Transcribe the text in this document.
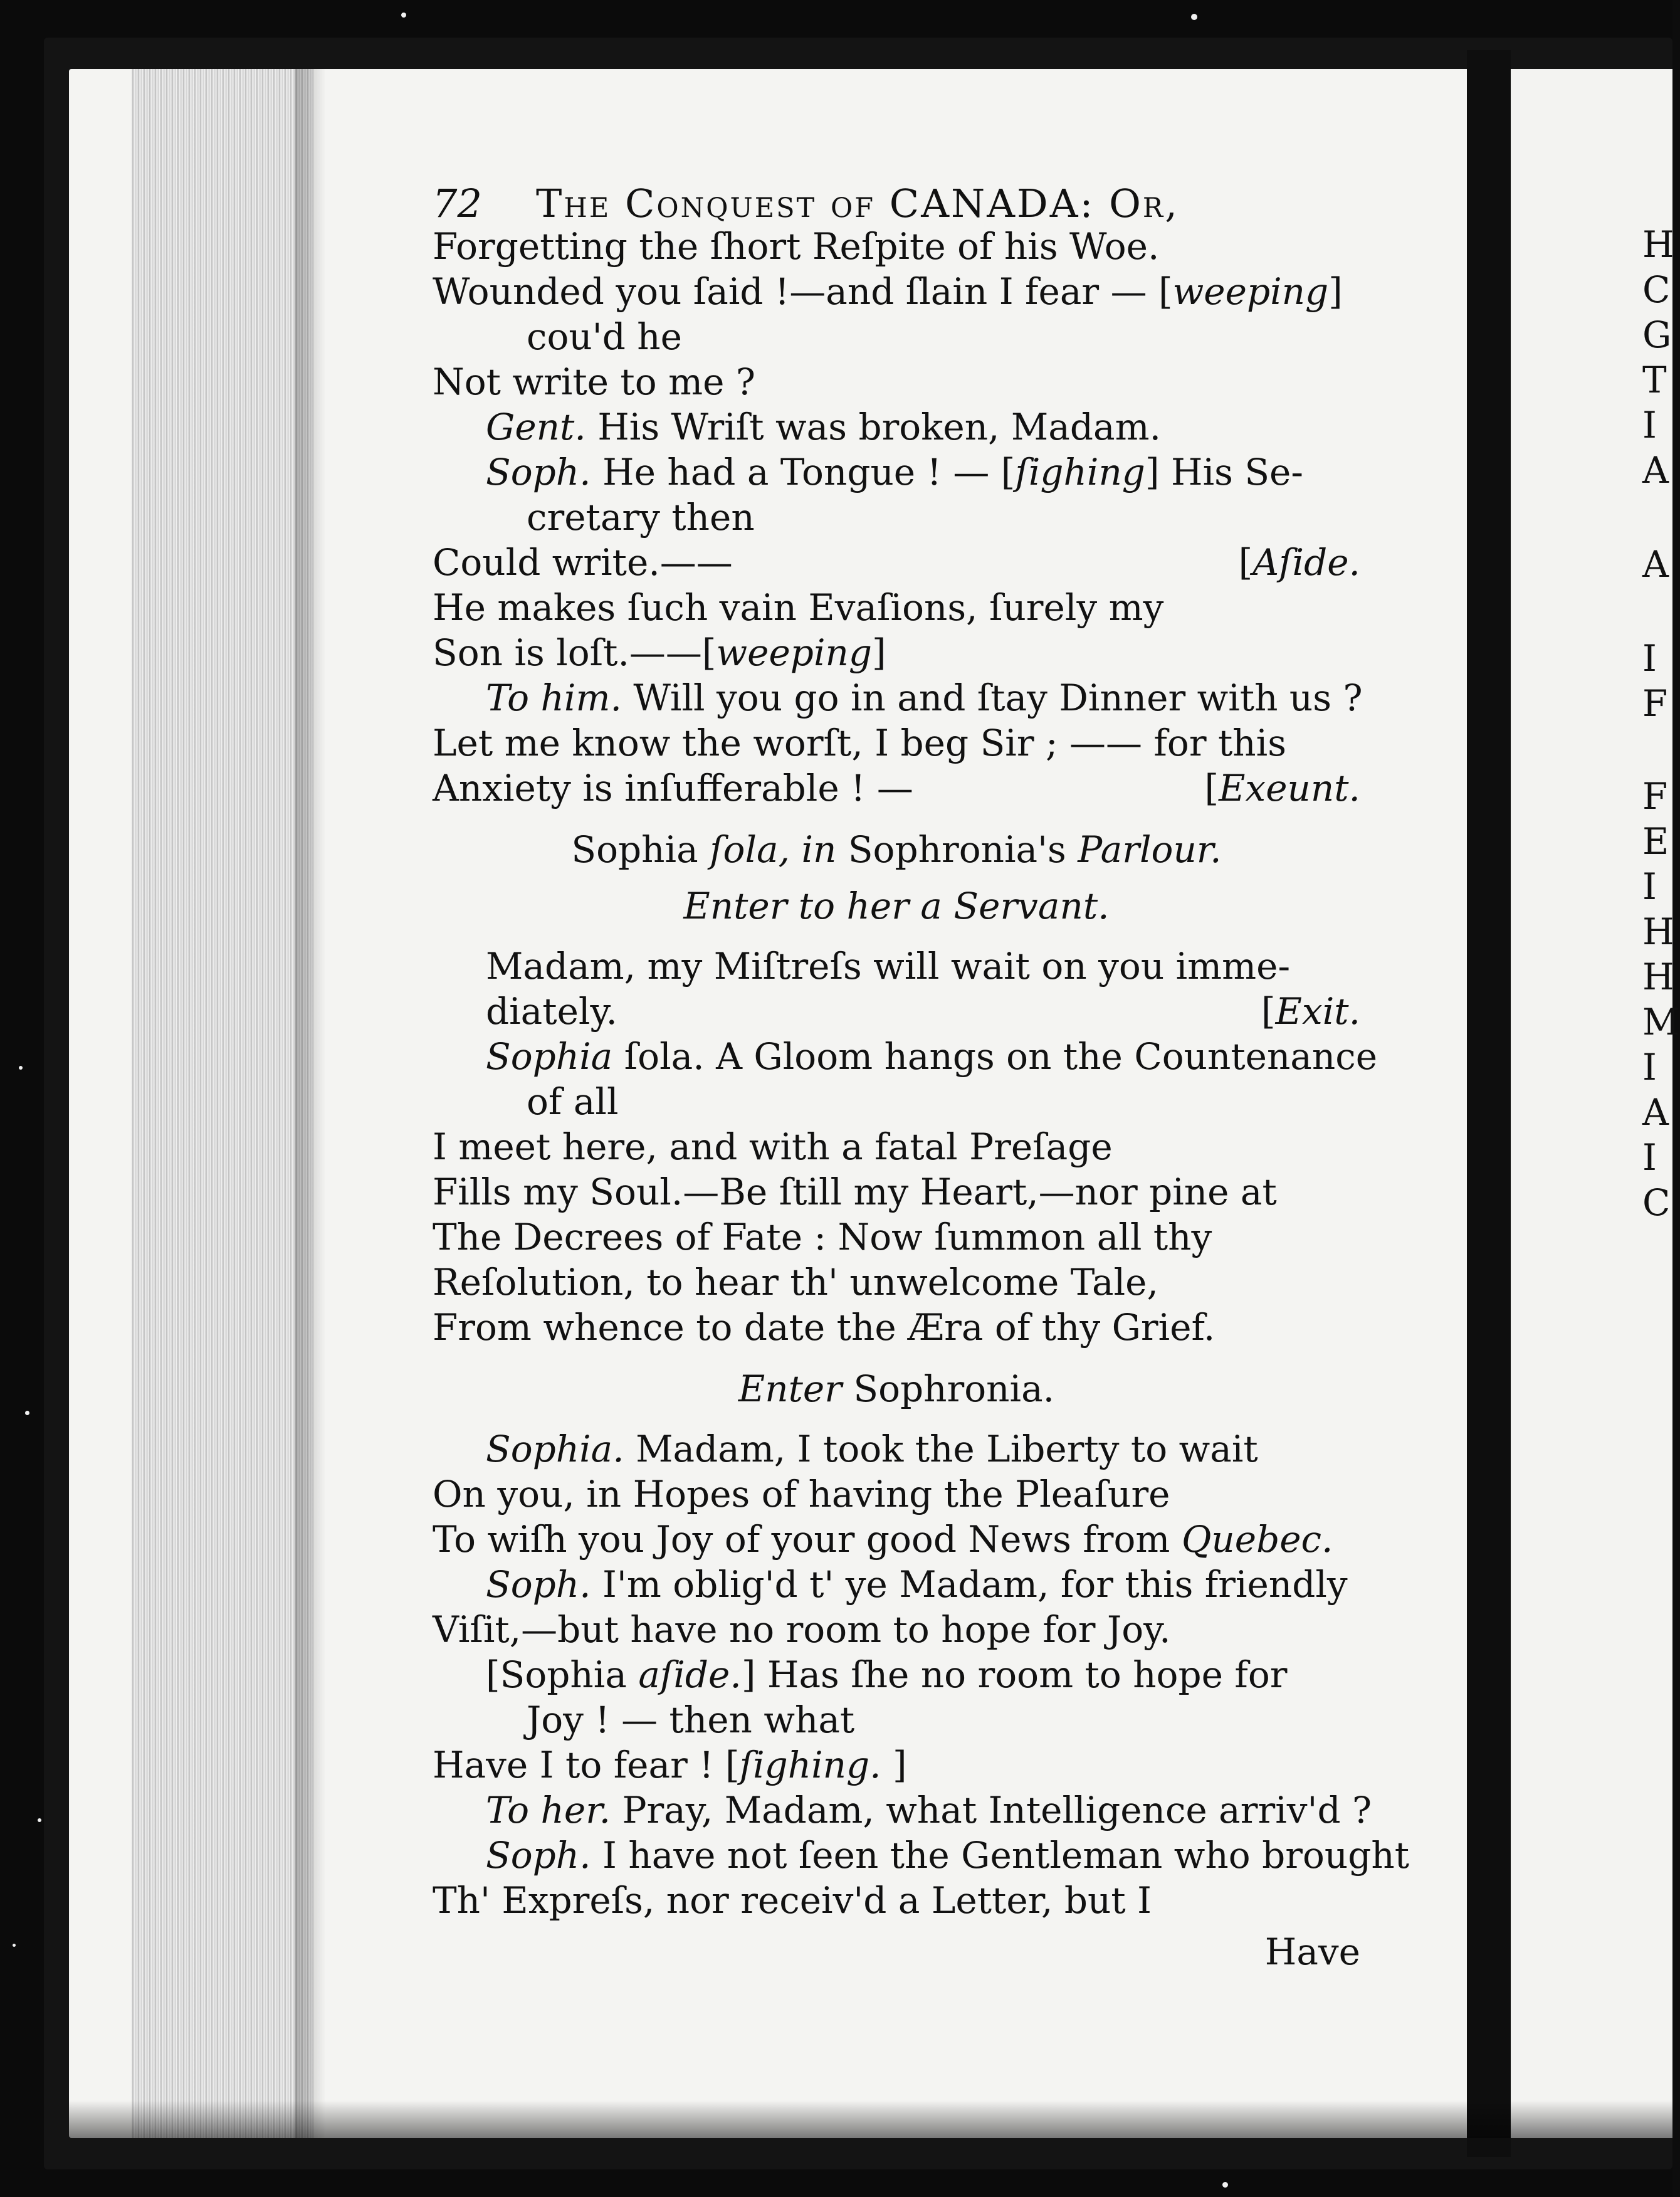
72 The Conquest of CANADA: Or,
Forgetting the ſhort Reſpite of his Woe.
Wounded you ſaid !—and ſlain I fear — [weeping]
cou'd he
Not write to me ?
Gent. His Wriſt was broken, Madam.
Soph. He had a Tongue ! — [ſighing] His Se-
cretary then
Could write.——	[Aſide.
He makes ſuch vain Evaſions, ſurely my
Son is loſt.——[weeping]
To him. Will you go in and ſtay Dinner with us ?
Let me know the worſt, I beg Sir ; —— for this
Anxiety is inſufferable ! —	[Exeunt.
Sophia ſola, in Sophronia's Parlour.
Enter to her a Servant.
Madam, my Miſtreſs will wait on you imme-
diately.	[Exit.
Sophia ſola. A Gloom hangs on the Countenance
of all
I meet here, and with a fatal Preſage
Fills my Soul.—Be ſtill my Heart,—nor pine at
The Decrees of Fate : Now ſummon all thy
Reſolution, to hear th' unwelcome Tale,
From whence to date the Æra of thy Grief.
Enter Sophronia.
Sophia. Madam, I took the Liberty to wait
On you, in Hopes of having the Pleaſure
To wiſh you Joy of your good News from Quebec.
Soph. I'm oblig'd t' ye Madam, for this friendly
Viſit,—but have no room to hope for Joy.
[Sophia aſide.] Has ſhe no room to hope for
Joy ! — then what
Have I to fear ! [ſighing. ]
To her. Pray, Madam, what Intelligence arriv'd ?
Soph. I have not ſeen the Gentleman who brought
Th' Expreſs, nor receiv'd a Letter, but I
Have
H
C
G
T
I
A
A
I
F
F
E
I
H
H
M
I
A
I
C
